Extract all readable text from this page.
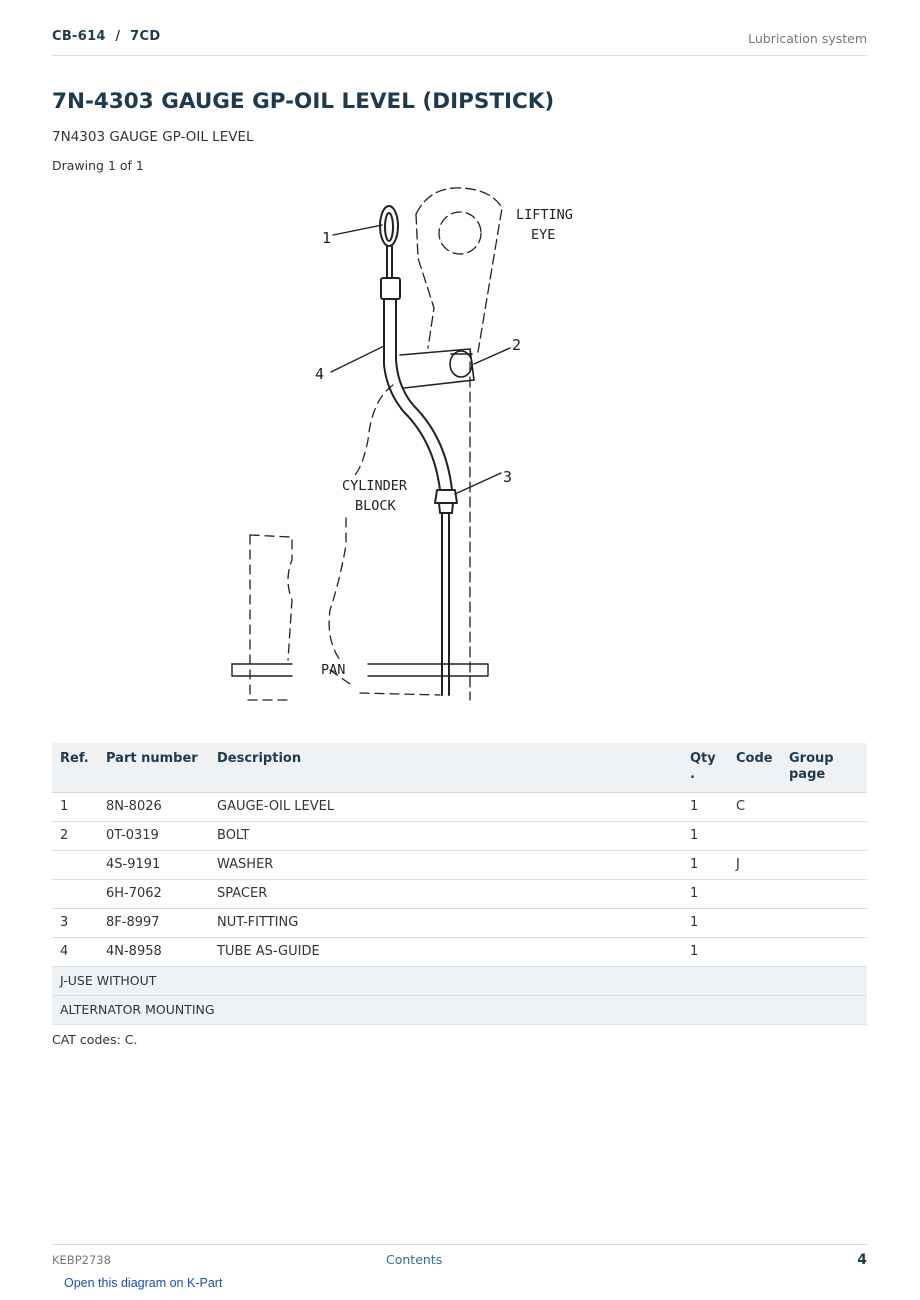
CB-614  /  7CD	Lubrication system
7N-4303 GAUGE GP-OIL LEVEL (DIPSTICK)
7N4303 GAUGE GP-OIL LEVEL
Drawing 1 of 1
1
2
3
4
LIFTING
EYE
CYLINDER
BLOCK
PAN
Ref.	Part number	Description	Qty .	Code	Group page
1	8N-8026	GAUGE-OIL LEVEL	1	C	
2	0T-0319	BOLT	1		
	4S-9191	WASHER	1	J	
	6H-7062	SPACER	1		
3	8F-8997	NUT-FITTING	1		
4	4N-8958	TUBE AS-GUIDE	1		
J-USE WITHOUT					
ALTERNATOR MOUNTING					
CAT codes: C.
KEBP2738	Contents	4
Open this diagram on K-Part
